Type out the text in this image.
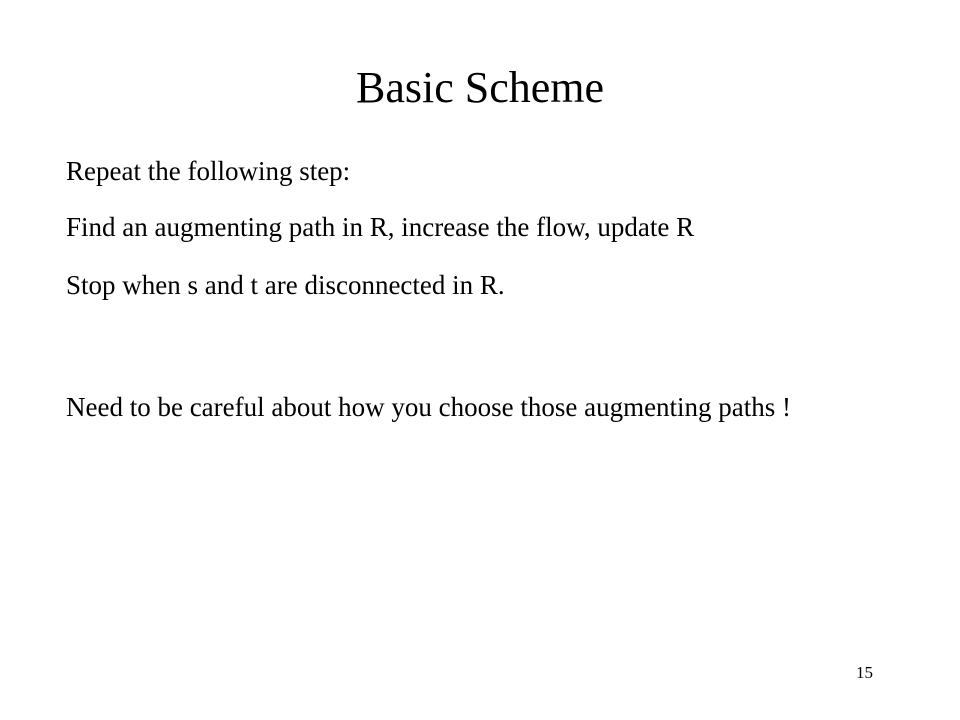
Basic Scheme
Repeat the following step:
Find an augmenting path in R, increase the flow, update R
Stop when s and t are disconnected in R.
Need to be careful about how you choose those augmenting paths !
15
